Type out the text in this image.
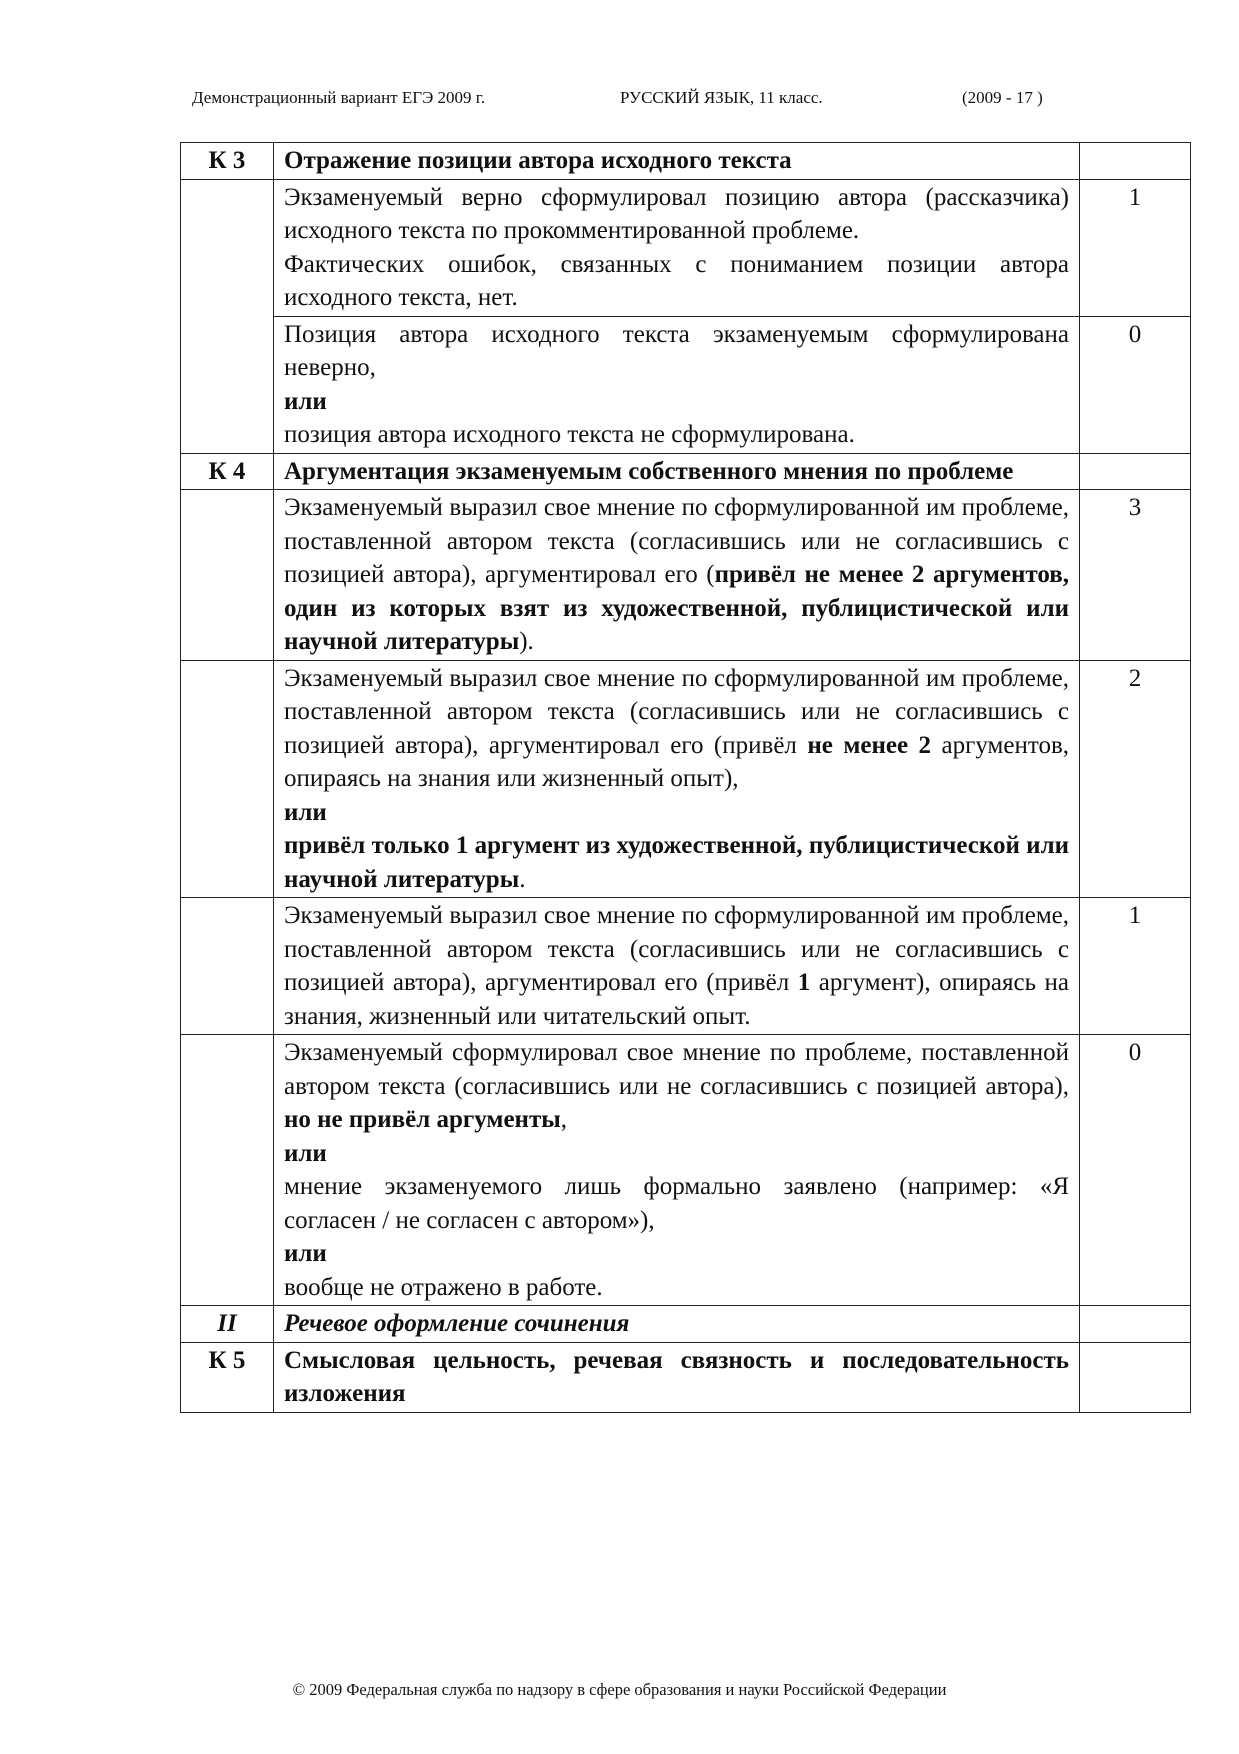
Демонстрационный вариант ЕГЭ 2009 г.	РУССКИЙ ЯЗЫК, 11 класс.	(2009 - 17 )
К 3	Отражение позиции автора исходного текста	

	Экзаменуемый верно сформулировал позицию автора (рассказчика) исходного текста по прокомментированной проблеме.
Фактических ошибок, связанных с пониманием позиции автора исходного текста, нет.	1

	Позиция автора исходного текста экзаменуемым сформулирована неверно,
или
позиция автора исходного текста не сформулирована.	0
К 4	Аргументация экзаменуемым собственного мнения по проблеме	
	Экзаменуемый выразил свое мнение по сформулированной им проблеме, поставленной автором текста (согласившись или не согласившись с позицией автора), аргументировал его (привёл не менее 2 аргументов, один из которых взят из художественной, публицистической или научной литературы).	3

	Экзаменуемый выразил свое мнение по сформулированной им проблеме, поставленной автором текста (согласившись или не согласившись с позицией автора), аргументировал его (привёл не менее 2 аргументов, опираясь на знания или жизненный опыт),
или
привёл только 1 аргумент из художественной, публицистической или научной литературы.	2
	Экзаменуемый выразил свое мнение по сформулированной им проблеме, поставленной автором текста (согласившись или не согласившись с позицией автора), аргументировал его (привёл 1 аргумент), опираясь на знания, жизненный или читательский опыт.	1

	Экзаменуемый сформулировал свое мнение по проблеме, поставленной автором текста (согласившись или не согласившись с позицией автора), но не привёл аргументы,
или
мнение экзаменуемого лишь формально заявлено (например: «Я согласен / не согласен с автором»),
или
вообще не отражено в работе.	0
II	Речевое оформление сочинения	
К 5	Смысловая цельность, речевая связность и последовательность изложения	
© 2009 Федеральная служба по надзору в сфере образования и науки Российской Федерации
